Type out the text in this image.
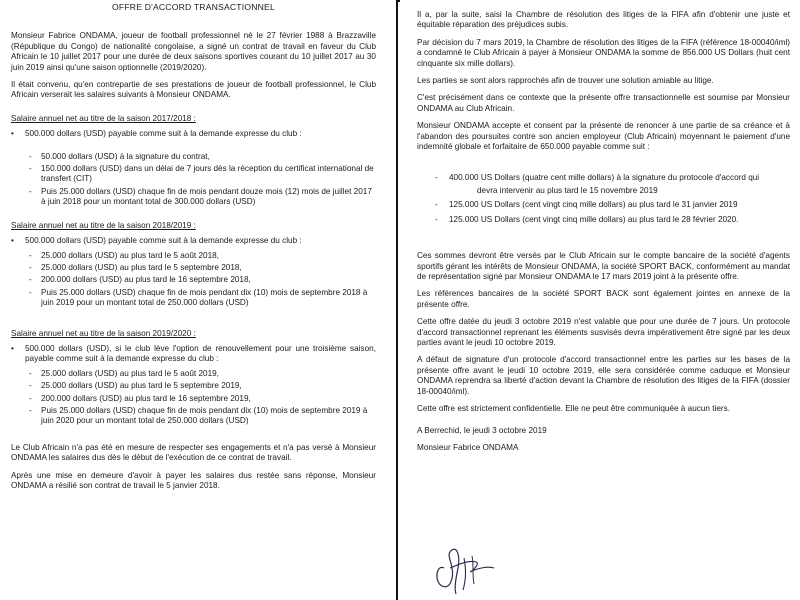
OFFRE D'ACCORD TRANSACTIONNEL

Monsieur Fabrice ONDAMA, joueur de football professionnel né le 27 février 1988 à Brazzaville (République du Congo) de nationalité congolaise, a signé un contrat de travail en faveur du Club Africain le 10 juillet 2017 pour une durée de deux saisons sportives courant du 10 juillet 2017 au 30 juin 2019 ainsi qu'une saison optionnelle (2019/2020).

Il était convenu, qu'en contrepartie de ses prestations de joueur de football professionnel, le Club Africain verserait les salaires suivants à Monsieur ONDAMA.

Salaire annuel net au titre de la saison 2017/2018 :
•	500.000 dollars (USD) payable comme suit à la demande expresse du club :
- 50.000 dollars (USD) à la signature du contrat,
- 150.000 dollars (USD) dans un délai de 7 jours dès la réception du certificat international de transfert (CIT)
- Puis 25.000 dollars (USD) chaque fin de mois pendant douze mois (12) mois de juillet 2017 à juin 2018 pour un montant total de 300.000 dollars (USD)
Salaire annuel net au titre de la saison 2018/2019 :
•	500.000 dollars (USD) payable comme suit à la demande expresse du club :
- 25.000 dollars (USD) au plus tard le 5 août 2018,
- 25.000 dollars (USD) au plus tard le 5 septembre 2018,
- 200.000 dollars (USD) au plus tard le 16 septembre 2018,
- Puis 25.000 dollars (USD) chaque fin de mois pendant dix (10) mois de septembre 2018 à juin 2019 pour un montant total de 250.000 dollars (USD)
Salaire annuel net au titre de la saison 2019/2020 :
•	500.000 dollars (USD), si le club lève l'option de renouvellement pour une troisième saison, payable comme suit à la demande expresse du club :
- 25.000 dollars (USD) au plus tard le 5 août 2019,
- 25.000 dollars (USD) au plus tard le 5 septembre 2019,
- 200.000 dollars (USD) au plus tard le 16 septembre 2019,
- Puis 25.000 dollars (USD) chaque fin de mois pendant dix (10) mois de septembre 2019 à juin 2020 pour un montant total de 250.000 dollars (USD)

Le Club Africain n'a pas été en mesure de respecter ses engagements et n'a pas versé à Monsieur ONDAMA les salaires dus dès le début de l'exécution de ce contrat de travail.

Après une mise en demeure d'avoir à payer les salaires dus restée sans réponse, Monsieur ONDAMA a résilié son contrat de travail le 5 janvier 2018.

Il a, par la suite, saisi la Chambre de résolution des litiges de la FIFA afin d'obtenir une juste et équitable réparation des préjudices subis.

Par décision du 7 mars 2019, la Chambre de résolution des litiges de la FIFA (référence 18-00040/iml) a condamné le Club Africain à payer à Monsieur ONDAMA la somme de 856.000 US Dollars (huit cent cinquante six mille dollars).

Les parties se sont alors rapprochés afin de trouver une solution amiable au litige.

C'est précisément dans ce contexte que la présente offre transactionnelle est soumise par Monsieur ONDAMA au Club Africain.

Monsieur ONDAMA accepte et consent par la présente de renoncer à une partie de sa créance et à l'abandon des poursuites contre son ancien employeur (Club Africain) moyennant le paiement d'une indemnité globale et forfaitaire de 650.000 payable comme suit :

-	400.000 US Dollars (quatre cent mille dollars) à la signature du protocole d'accord qui
devra intervenir au plus tard le 15 novembre 2019
-	125.000 US Dollars (cent vingt cinq mille dollars) au plus tard le 31 janvier 2019
-	125.000 US Dollars (cent vingt cinq mille dollars) au plus tard le 28 février 2020.

Ces sommes devront être versés par le Club Africain sur le compte bancaire de la société d'agents sportifs gérant les intérêts de Monsieur ONDAMA, la société SPORT BACK, conformément au mandat de représentation signé par Monsieur ONDAMA le 17 mars 2019 joint à la présente offre.

Les références bancaires de la société SPORT BACK sont également jointes en annexe de la présente offre.

Cette offre datée du jeudi 3 octobre 2019 n'est valable que pour une durée de 7 jours. Un protocole d'accord transactionnel reprenant les éléments susvisés devra impérativement être signé par les deux parties avant le jeudi 10 octobre 2019.

A défaut de signature d'un protocole d'accord transactionnel entre les parties sur les bases de la présente offre avant le jeudi 10 octobre 2019, elle sera considérée comme caduque et Monsieur ONDAMA reprendra sa liberté d'action devant la Chambre de résolution des litiges de la FIFA (dossier 18-00040/iml).

Cette offre est strictement confidentielle. Elle ne peut être communiquée à aucun tiers.

A Berrechid, le jeudi 3 octobre 2019
Monsieur Fabrice ONDAMA
